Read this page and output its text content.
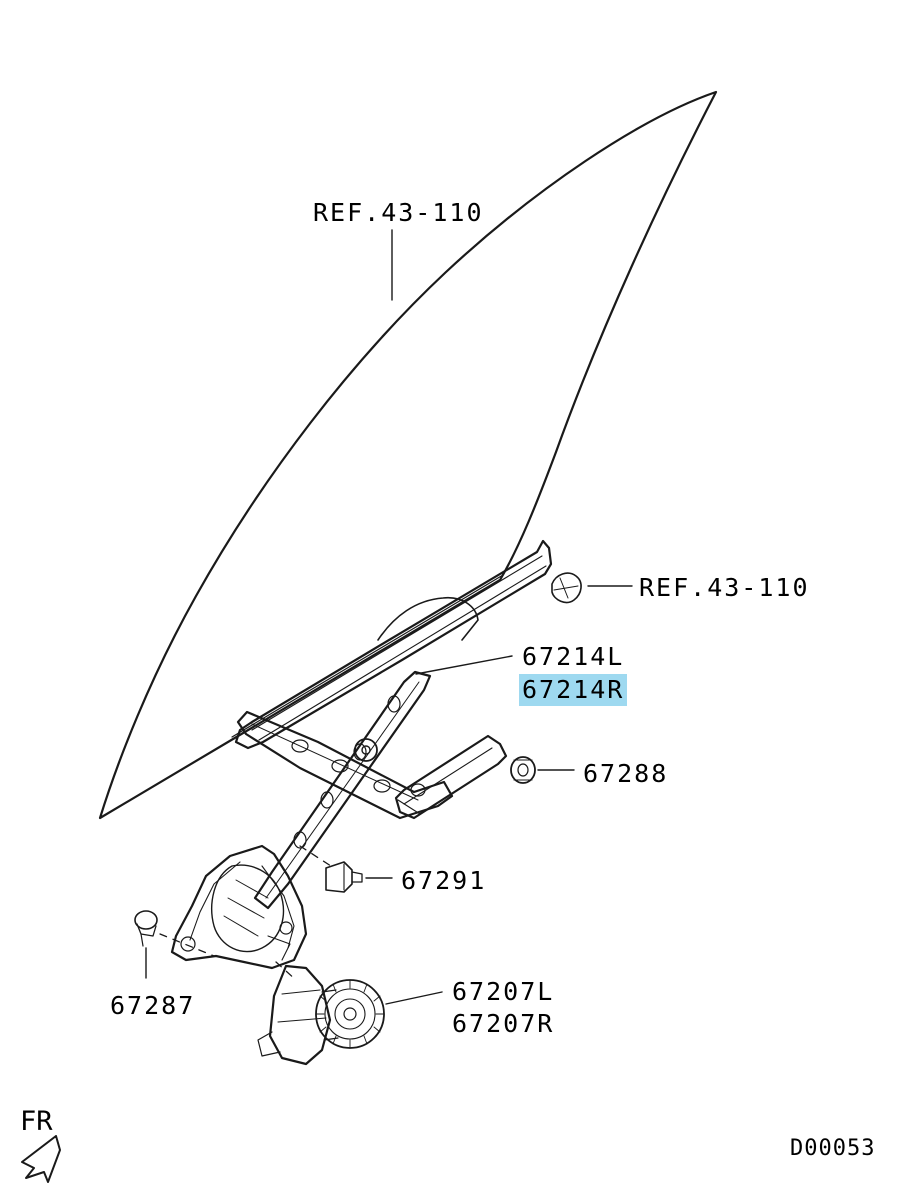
REF.43-110
REF.43-110
67214L
67214R
67288
67291
67287	67207L
67207R
FR
D00053
